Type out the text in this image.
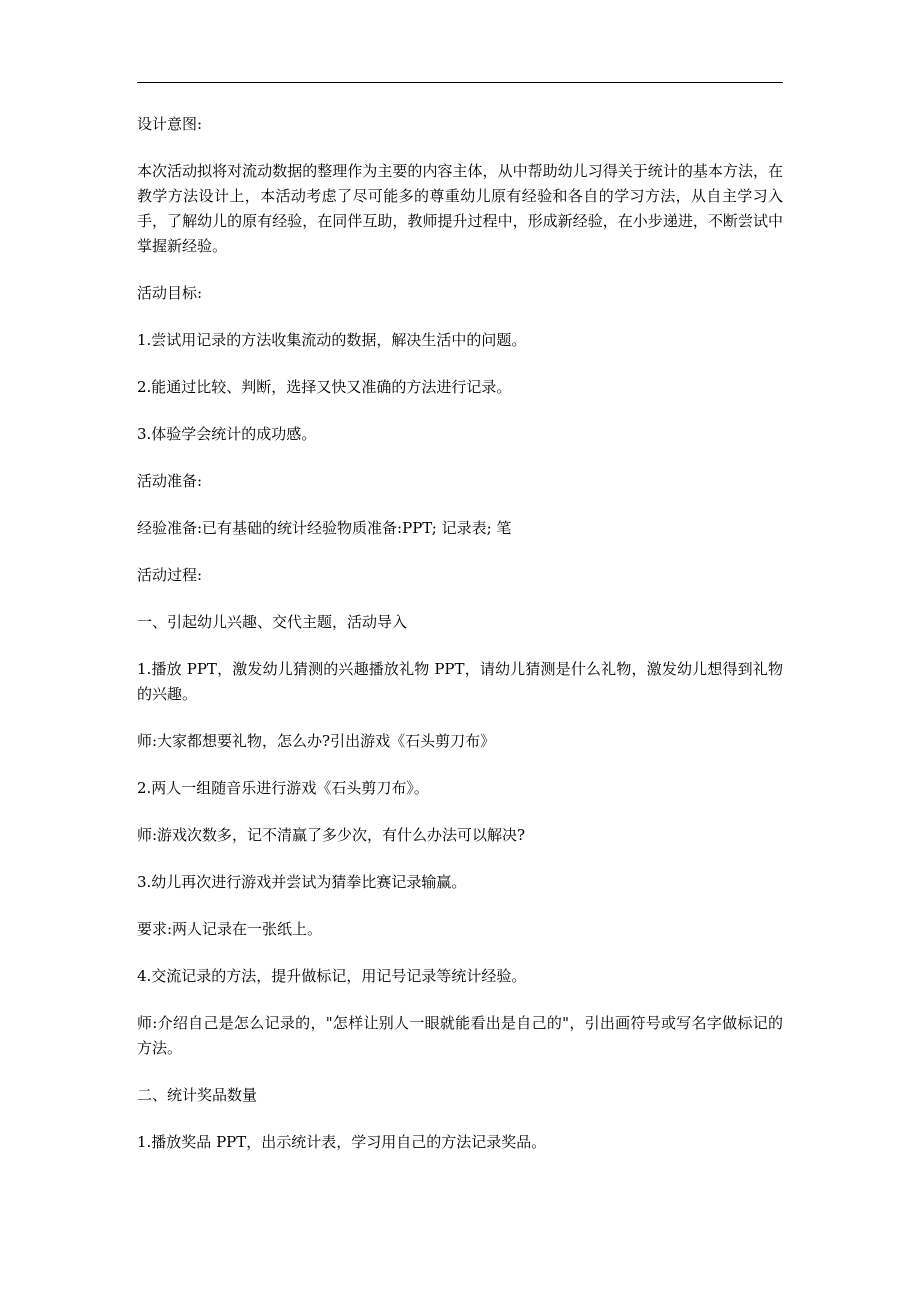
设计意图:

本次活动拟将对流动数据的整理作为主要的内容主体，从中帮助幼儿习得关于统计的基本方法，在教学方法设计上，本活动考虑了尽可能多的尊重幼儿原有经验和各自的学习方法，从自主学习入手，了解幼儿的原有经验，在同伴互助，教师提升过程中，形成新经验，在小步递进，不断尝试中掌握新经验。

活动目标:

1.尝试用记录的方法收集流动的数据，解决生活中的问题。

2.能通过比较、判断，选择又快又准确的方法进行记录。

3.体验学会统计的成功感。

活动准备:

经验准备:已有基础的统计经验物质准备:PPT; 记录表; 笔

活动过程:

一、引起幼儿兴趣、交代主题，活动导入

1.播放 PPT，激发幼儿猜测的兴趣播放礼物 PPT，请幼儿猜测是什么礼物，激发幼儿想得到礼物的兴趣。

师:大家都想要礼物，怎么办?引出游戏《石头剪刀布》

2.两人一组随音乐进行游戏《石头剪刀布》。

师:游戏次数多，记不清赢了多少次，有什么办法可以解决?

3.幼儿再次进行游戏并尝试为猜拳比赛记录输赢。

要求:两人记录在一张纸上。

4.交流记录的方法，提升做标记，用记号记录等统计经验。

师:介绍自己是怎么记录的，"怎样让别人一眼就能看出是自己的"，引出画符号或写名字做标记的方法。

二、统计奖品数量

1.播放奖品 PPT，出示统计表，学习用自己的方法记录奖品。
